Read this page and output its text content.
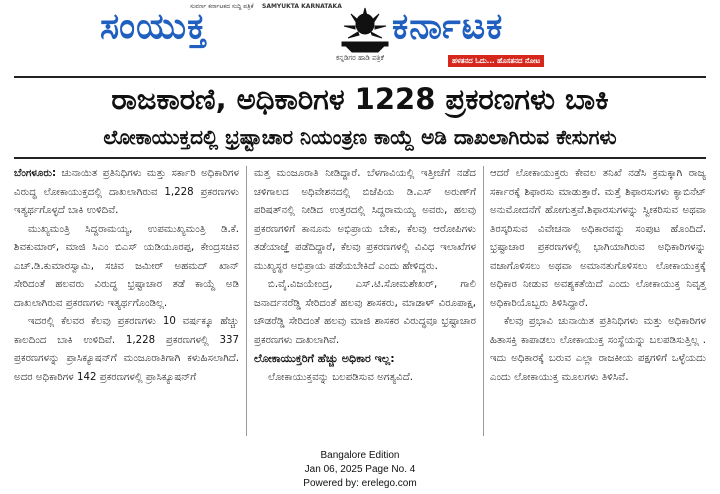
ಸಂಯುಕ್ತ
ಸುವರ್ಣ ಕರ್ನಾಟಕದ ಸುದ್ದಿ ಪತ್ರಿಕೆ SAMYUKTA KARNATAKA
ಕನ್ನಡಿಗರ ಹಾಡಿ ಪತ್ರಿಕೆ
ಕರ್ನಾಟಕ
ಹಳತನದ ಓದು... ಹೊಸತನದ ನೋಟ
ರಾಜಕಾರಣಿ, ಅಧಿಕಾರಿಗಳ 1228 ಪ್ರಕರಣಗಳು ಬಾಕಿ
ಲೋಕಾಯುಕ್ತದಲ್ಲಿ ಭ್ರಷ್ಟಾಚಾರ ನಿಯಂತ್ರಣ ಕಾಯ್ದೆ ಅಡಿ ದಾಖಲಾಗಿರುವ ಕೇಸುಗಳು

ಬೆಂಗಳೂರು: ಚುನಾಯಿತ ಪ್ರತಿನಿಧಿಗಳು ಮತ್ತು ಸರ್ಕಾರಿ ಅಧಿಕಾರಿಗಳ ವಿರುದ್ಧ ಲೋಕಾಯುಕ್ತದಲ್ಲಿ ದಾಖಲಾಗಿರುವ 1,228 ಪ್ರಕರಣಗಳು ಇತ್ಯರ್ಥಗೊಳ್ಳದೆ ಬಾಕಿ ಉಳಿದಿವೆ.

ಮುಖ್ಯಮಂತ್ರಿ ಸಿದ್ದರಾಮಯ್ಯ, ಉಪಮುಖ್ಯಮಂತ್ರಿ ಡಿ.ಕೆ. ಶಿವಕುಮಾರ್, ಮಾಜಿ ಸಿಎಂ ಬಿಎಸ್ ಯಡಿಯೂರಪ್ಪ, ಕೇಂದ್ರಸಚಿವ ಎಚ್.ಡಿ.ಕುಮಾರಸ್ವಾಮಿ, ಸಚಿವ ಜಮೀರ್ ಅಹಮದ್ ಖಾನ್ ಸೇರಿದಂತೆ ಹಲವರು ವಿರುದ್ಧ ಭ್ರಷ್ಟಾಚಾರ ತಡೆ ಕಾಯ್ದೆ ಅಡಿ ದಾಖಲಾಗಿರುವ ಪ್ರಕರಣಗಳು ಇತ್ಯರ್ಥಗೊಂಡಿಲ್ಲ.

ಇದರಲ್ಲಿ ಕೆಲವರ ಕೆಲವು ಪ್ರಕರಣಗಳು 10 ವರ್ಷಕ್ಕೂ ಹೆಚ್ಚು ಕಾಲದಿಂದ ಬಾಕಿ ಉಳಿದಿವೆ. 1,228 ಪ್ರಕರಣಗಳಲ್ಲಿ 337 ಪ್ರಕರಣಗಳನ್ನು ಪ್ರಾಸಿಕ್ಯೂಷನ್‌ಗೆ ಮಂಜೂರಾತಿಗಾಗಿ ಕಳುಹಿಸಲಾಗಿದೆ. ಅದರ ಅಧಿಕಾರಿಗಳ 142 ಪ್ರಕರಣಗಳಲ್ಲಿ ಪ್ರಾಸಿಕ್ಯೂಷನ್‌ಗೆ

ಮತ್ತ ಮಂಜೂರಾತಿ ನೀಡಿದ್ದಾರೆ. ಬೆಳಗಾವಿಯಲ್ಲಿ ಇತ್ತೀಚೆಗೆ ನಡೆದ ಚಳಿಗಾಲದ ಅಧಿವೇಶನದಲ್ಲಿ ಬಿಜೆಪಿಯ ಡಿ.ಎಸ್ ಅರುಣ್‌ಗೆ ಪರಿಷತ್‌ನಲ್ಲಿ ನೀಡಿದ ಉತ್ತರದಲ್ಲಿ ಸಿದ್ದರಾಮಯ್ಯ ಅವರು, ಹಲವು ಪ್ರಕರಣಗಳಿಗೆ ಕಾನೂನು ಅಭಿಪ್ರಾಯ ಬೇಕು, ಕೆಲವು ಆರೋಪಿಗಳು ತಡೆಯಾಜ್ಞೆ ಪಡೆದಿದ್ದಾರೆ, ಕೆಲವು ಪ್ರಕರಣಗಳಲ್ಲಿ ವಿವಿಧ ಇಲಾಖೆಗಳ ಮುಖ್ಯಸ್ಥರ ಅಭಿಪ್ರಾಯ ಪಡೆಯಬೇಕಿದೆ ಎಂದು ಹೇಳಿದ್ದರು.

ಬಿ.ವೈ.ವಿಜಯೇಂದ್ರ, ಎಸ್.ಟಿ.ಸೋಮಶೇಖರ್, ಗಾಲಿ ಜನಾರ್ದನರೆಡ್ಡಿ ಸೇರಿದಂತೆ ಹಲವು ಶಾಸಕರು, ಮಾಡಾಳ್ ವಿರೂಪಾಕ್ಷ, ಚೌಡರೆಡ್ಡಿ ಸೇರಿದಂತೆ ಹಲವು ಮಾಜಿ ಶಾಸಕರ ವಿರುದ್ಧವೂ ಭ್ರಷ್ಟಾಚಾರ ಪ್ರಕರಣಗಳು ದಾಖಲಾಗಿವೆ.

ಲೋಕಾಯುಕ್ತರಿಗೆ ಹೆಚ್ಚು ಅಧಿಕಾರ ಇಲ್ಲ:

ಲೋಕಾಯುಕ್ತವನ್ನು ಬಲಪಡಿಸುವ ಅಗತ್ಯವಿದೆ.

ಆದರೆ ಲೋಕಾಯುಕ್ತರು ಕೇವಲ ತನಿಖೆ ನಡೆಸಿ ಕ್ರಮಕ್ಕಾಗಿ ರಾಜ್ಯ ಸರ್ಕಾರಕ್ಕೆ ಶಿಫಾರಸು ಮಾಡುತ್ತಾರೆ. ಮತ್ತೆ ಶಿಫಾರಸುಗಳು ಕ್ಯಾಬಿನೆಟ್ ಅನುಮೋದನೆಗೆ ಹೋಗುತ್ತವೆ.ಶಿಫಾರಸುಗಳನ್ನು ಸ್ವೀಕರಿಸುವ ಅಥವಾ ತಿರಸ್ಕರಿಸುವ ವಿವೇಚನಾ ಅಧಿಕಾರವನ್ನು ಸಂಪುಟ ಹೊಂದಿದೆ. ಭ್ರಷ್ಟಾಚಾರ ಪ್ರಕರಣಗಳಲ್ಲಿ ಭಾಗಿಯಾಗಿರುವ ಅಧಿಕಾರಿಗಳನ್ನು ವಜಾಗೊಳಿಸಲು ಅಥವಾ ಅಮಾನತುಗೊಳಿಸಲು ಲೋಕಾಯುಕ್ತಕ್ಕೆ ಅಧಿಕಾರ ನೀಡುವ ಅವಶ್ಯಕತೆಯಿದೆ ಎಂದು ಲೋಕಾಯುಕ್ತ ನಿವೃತ್ತ ಅಧಿಕಾರಿಯೊಬ್ಬರು ತಿಳಿಸಿದ್ದಾರೆ.

ಕೆಲವು ಪ್ರಭಾವಿ ಚುನಾಯಿತ ಪ್ರತಿನಿಧಿಗಳು ಮತ್ತು ಅಧಿಕಾರಿಗಳ ಹಿತಾಸಕ್ತಿ ಕಾಪಾಡಲು ಲೋಕಾಯುಕ್ತ ಸಂಸ್ಥೆಯನ್ನು ಬಲಪಡಿಸುತ್ತಿಲ್ಲ . ಇದು ಅಧಿಕಾರಕ್ಕೆ ಬರುವ ಎಲ್ಲಾ ರಾಜಕೀಯ ಪಕ್ಷಗಳಿಗೆ ಒಳ್ಳೆಯದು ಎಂದು ಲೋಕಾಯುಕ್ತ ಮೂಲಗಳು ತಿಳಿಸಿವೆ.

Bangalore Edition
Jan 06, 2025 Page No. 4
Powered by: erelego.com
